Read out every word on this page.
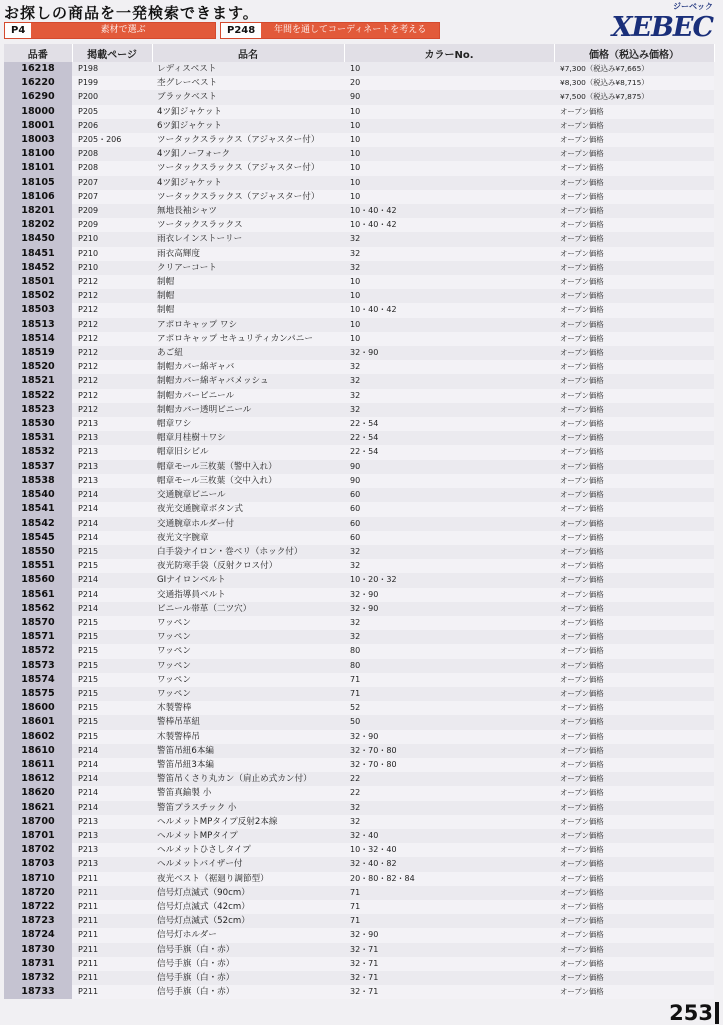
お探しの商品を一発検索できます。	ジーベック
XEBEC
P4	素材で選ぶ	P248	年間を通してコーディネートを考える
品番	掲載ページ	品名	カラーNo.	価格（税込み価格）
16218	P198	レディスベスト	10	¥7,300（税込み¥7,665）
16220	P199	杢グレーベスト	20	¥8,300（税込み¥8,715）
16290	P200	ブラックベスト	90	¥7,500（税込み¥7,875）
18000	P205	4ツ釦ジャケット	10	オープン価格
18001	P206	6ツ釦ジャケット	10	オープン価格
18003	P205・206	ツータックスラックス（アジャスター付）	10	オープン価格
18100	P208	4ツ釦ノーフォーク	10	オープン価格
18101	P208	ツータックスラックス（アジャスター付）	10	オープン価格
18105	P207	4ツ釦ジャケット	10	オープン価格
18106	P207	ツータックスラックス（アジャスター付）	10	オープン価格
18201	P209	無地長袖シャツ	10・40・42	オープン価格
18202	P209	ツータックスラックス	10・40・42	オープン価格
18450	P210	雨衣レインストーリー	32	オープン価格
18451	P210	雨衣高輝度	32	オープン価格
18452	P210	クリアーコート	32	オープン価格
18501	P212	制帽	10	オープン価格
18502	P212	制帽	10	オープン価格
18503	P212	制帽	10・40・42	オープン価格
18513	P212	アポロキャップ ワシ	10	オープン価格
18514	P212	アポロキャップ セキュリティカンパニー	10	オープン価格
18519	P212	あご紐	32・90	オープン価格
18520	P212	制帽カバー綿ギャバ	32	オープン価格
18521	P212	制帽カバー綿ギャバメッシュ	32	オープン価格
18522	P212	制帽カバービニール	32	オープン価格
18523	P212	制帽カバー透明ビニール	32	オープン価格
18530	P213	帽章ワシ	22・54	オープン価格
18531	P213	帽章月桂樹＋ワシ	22・54	オープン価格
18532	P213	帽章旧シビル	22・54	オープン価格
18537	P213	帽章モール三枚葉（警中入れ）	90	オープン価格
18538	P213	帽章モール三枚葉（交中入れ）	90	オープン価格
18540	P214	交通腕章ビニール	60	オープン価格
18541	P214	夜光交通腕章ボタン式	60	オープン価格
18542	P214	交通腕章ホルダー付	60	オープン価格
18545	P214	夜光文字腕章	60	オープン価格
18550	P215	白手袋ナイロン・巻ベリ（ホック付）	32	オープン価格
18551	P215	夜光防寒手袋（反射クロス付）	32	オープン価格
18560	P214	GIナイロンベルト	10・20・32	オープン価格
18561	P214	交通指導員ベルト	32・90	オープン価格
18562	P214	ビニール帯革（二ツ穴）	32・90	オープン価格
18570	P215	ワッペン	32	オープン価格
18571	P215	ワッペン	32	オープン価格
18572	P215	ワッペン	80	オープン価格
18573	P215	ワッペン	80	オープン価格
18574	P215	ワッペン	71	オープン価格
18575	P215	ワッペン	71	オープン価格
18600	P215	木製警棒	52	オープン価格
18601	P215	警棒吊革紐	50	オープン価格
18602	P215	木製警棒吊	32・90	オープン価格
18610	P214	警笛吊紐6本編	32・70・80	オープン価格
18611	P214	警笛吊紐3本編	32・70・80	オープン価格
18612	P214	警笛吊くさり丸カン（肩止め式カン付）	22	オープン価格
18620	P214	警笛真鍮製 小	22	オープン価格
18621	P214	警笛プラスチック 小	32	オープン価格
18700	P213	ヘルメットMPタイプ反射2本線	32	オープン価格
18701	P213	ヘルメットMPタイプ	32・40	オープン価格
18702	P213	ヘルメットひさしタイプ	10・32・40	オープン価格
18703	P213	ヘルメットバイザー付	32・40・82	オープン価格
18710	P211	夜光ベスト（裾廻り調節型）	20・80・82・84	オープン価格
18720	P211	信号灯点滅式（90cm）	71	オープン価格
18722	P211	信号灯点滅式（42cm）	71	オープン価格
18723	P211	信号灯点滅式（52cm）	71	オープン価格
18724	P211	信号灯ホルダー	32・90	オープン価格
18730	P211	信号手旗（白・赤）	32・71	オープン価格
18731	P211	信号手旗（白・赤）	32・71	オープン価格
18732	P211	信号手旗（白・赤）	32・71	オープン価格
18733	P211	信号手旗（白・赤）	32・71	オープン価格
253
